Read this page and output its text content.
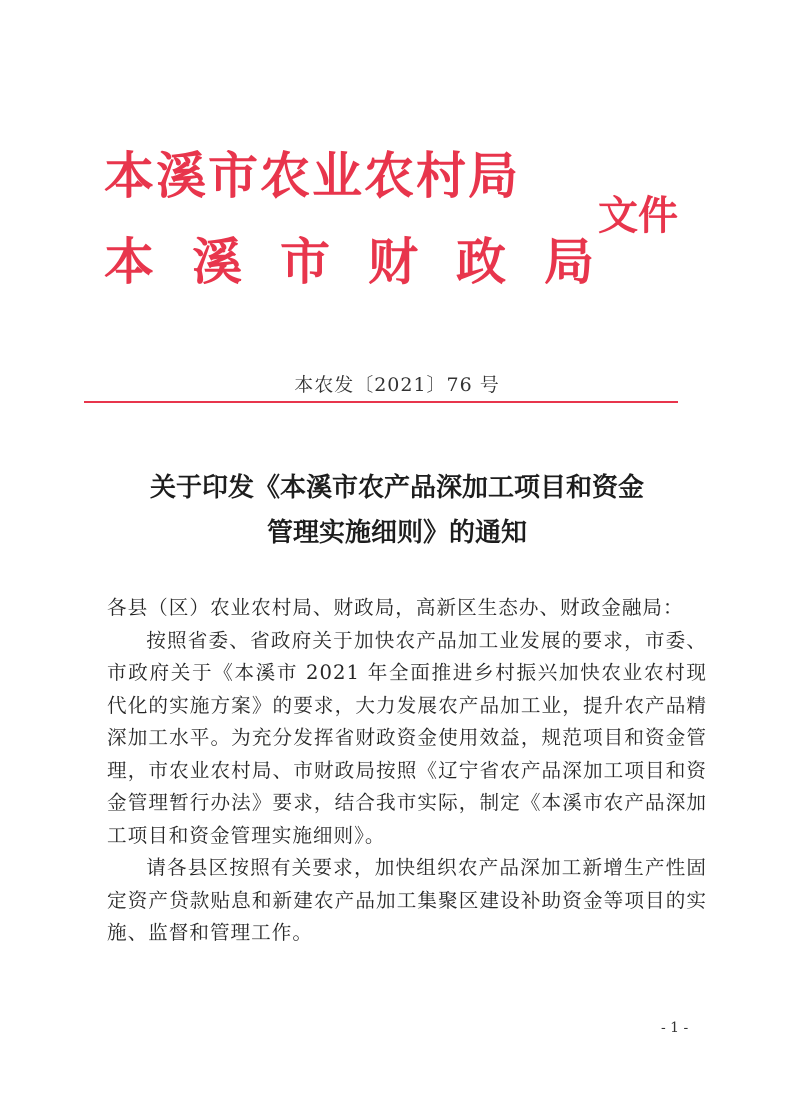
本溪市农业农村局
本溪市财政局
文件
本农发〔2021〕76 号
关于印发《本溪市农产品深加工项目和资金
管理实施细则》的通知

各县（区）农业农村局、财政局，高新区生态办、财政金融局：

按照省委、省政府关于加快农产品加工业发展的要求，市委、市政府关于《本溪市 2021 年全面推进乡村振兴加快农业农村现代化的实施方案》的要求，大力发展农产品加工业，提升农产品精深加工水平。为充分发挥省财政资金使用效益，规范项目和资金管理，市农业农村局、市财政局按照《辽宁省农产品深加工项目和资金管理暂行办法》要求，结合我市实际，制定《本溪市农产品深加工项目和资金管理实施细则》。

请各县区按照有关要求，加快组织农产品深加工新增生产性固定资产贷款贴息和新建农产品加工集聚区建设补助资金等项目的实施、监督和管理工作。

- 1 -
